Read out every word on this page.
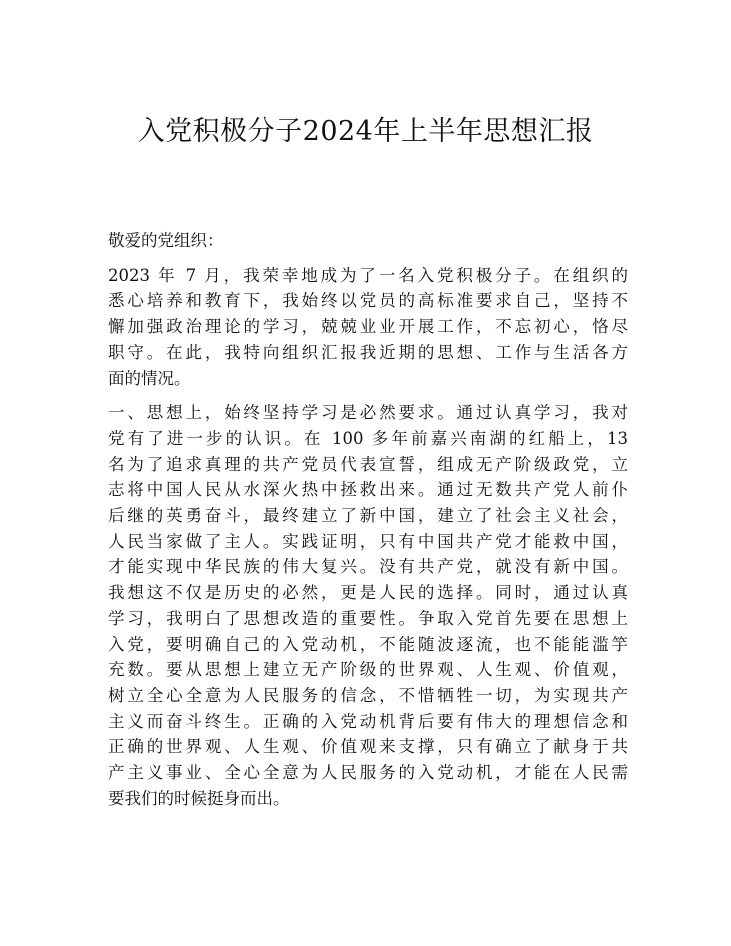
入党积极分子2024年上半年思想汇报
敬爱的党组织：
2023 年 7 月，我荣幸地成为了一名入党积极分子。在组织的
悉心培养和教育下，我始终以党员的高标准要求自己，坚持不
懈加强政治理论的学习，兢兢业业开展工作，不忘初心，恪尽
职守。在此，我特向组织汇报我近期的思想、工作与生活各方
面的情况。
一、思想上，始终坚持学习是必然要求。通过认真学习，我对
党有了进一步的认识。在 100 多年前嘉兴南湖的红船上，13
名为了追求真理的共产党员代表宣誓，组成无产阶级政党，立
志将中国人民从水深火热中拯救出来。通过无数共产党人前仆
后继的英勇奋斗，最终建立了新中国，建立了社会主义社会，
人民当家做了主人。实践证明，只有中国共产党才能救中国，
才能实现中华民族的伟大复兴。没有共产党，就没有新中国。
我想这不仅是历史的必然，更是人民的选择。同时，通过认真
学习，我明白了思想改造的重要性。争取入党首先要在思想上
入党，要明确自己的入党动机，不能随波逐流，也不能能滥竽
充数。要从思想上建立无产阶级的世界观、人生观、价值观，
树立全心全意为人民服务的信念，不惜牺牲一切，为实现共产
主义而奋斗终生。正确的入党动机背后要有伟大的理想信念和
正确的世界观、人生观、价值观来支撑，只有确立了献身于共
产主义事业、全心全意为人民服务的入党动机，才能在人民需
要我们的时候挺身而出。
